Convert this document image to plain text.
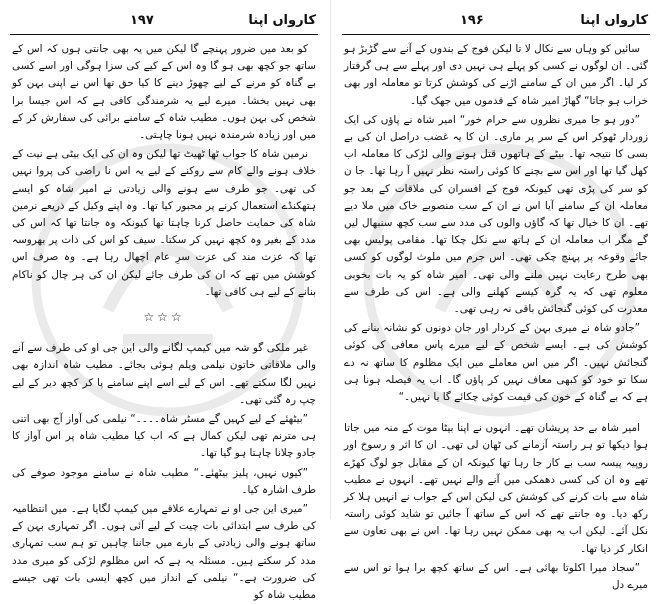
۱۹۷	کارواں اپنا

کو بعد میں ضرور پہنچے گا لیکن میں یہ بھی جانتی ہوں کہ اس کے ساتھ جو کچھ بھی ہو گا وہ اس کے کیے کی سزا ہوگی اور اسے کسی بے گناہ کو مرنے کے لیے چھوڑ دینے کا کیا حق تھا اس نے اپنی بہن کو بھی نہیں بخشا۔ میرے لیے یہ شرمندگی کافی ہے کہ اس جیسا برا شخص کی بہن ہوں۔ مطیب شاہ کے سامنے برائی کی سفارش کر کے میں اور زیادہ شرمندہ نہیں ہونا چاہتی۔

نرمین شاہ کا جواب ٹھا ٹھیٹ تھا لیکن وہ ان کی ایک بیٹی ہے نیت کے خلاف ہونے والے کام سے روکنے کے لیے یہ اس نا راضی کی پروا نہیں کی تھی۔ جو طرف سے ہونے والی زیادتی نے امیر شاہ کو ایسے ہتھکنڈے استعمال کرنے پر مجبور کیا تھا۔ وہ اپنے وکیل کے ذریعے نرمین شاہ کی حمایت حاصل کرنا چاہتا تھا کیونکہ وہ جانتا تھا کہ اس کی مدد کے بغیر وہ کچھ نہیں کر سکتا۔ سیف کو اس کی ذات پر بھروسہ تھا کہ عزت مند کی عزت سرِ عام اچھال رہا ہے۔ وہ صرف اس کوشش میں تھے کہ ان کی طرف جائے لیکن ان کی ہر چال کو ناکام بنانے کے لیے ہی کافی تھا۔

☆☆☆

غیر ملکی گو شہ میں کیمپ لگانے والی این جی او کی طرف سے آنے والی ملاقاتی خاتون نیلمی ویلم ہوئی بجائے۔ مطیب شاہ اندازہ بھی نہیں لگا سکتے تھے۔ اس کے لیے اسے اپنے سامنے پا کر کچھ دیر کے لیے چپ رہ گئی تھی۔

”بیٹھئے کے لیے کہیں گے مسٹر شاہ۔۔۔۔“ نیلمی کی آواز آج بھی اتنی ہی مترنم تھی لیکن کمال ہے کہ اب کیا مطیب شاہ پر اس آواز کا جادو چلانا چاہتا ہو گیا تھا۔

”کیوں نہیں، پلیز بیٹھئے۔“ مطیب شاہ نے سامنے موجود صوفے کی طرف اشارہ کیا۔

”میری این جی او نے تمہارے علاقے میں کیمپ لگایا ہے۔ میں انتظامیہ کی طرف سے ابتدائی بات چیت کے لیے آئی ہوں۔ اگر تمہاری بہن کے ساتھ ہونے والی زیادتی کے بارے میں جاننا چاہیں تو ہم سب تمہاری مدد کر سکتے ہیں۔ مسئلہ یہ ہے کہ اس مظلوم لڑکی کو میری مدد کی ضرورت ہے۔“ نیلمی کے انداز میں کچھ ایسی بات تھی جیسے مطیب شاہ کو

۱۹۶	کارواں اپنا

سائیں کو وہاں سے نکال لا تا لیکن فوج کے بندوں کے آنے سے گڑبڑ ہو گئی۔ ان لوگوں نے کسی کو پہلے ہی نہیں دی اور پہلے سے ہی گرفتار کر لیا۔ اگر میں ان کے سامنے اڑنے کی کوشش کرتا تو معاملہ اور بھی خراب ہو جاتا“ گھاڑ امیر شاہ کے قدموں میں جھک گیا۔

”دور ہو جا میری نظروں سے حرام خور“ امیر شاہ نے پاؤں کی ایک زوردار ٹھوکر اس کے سر پر ماری۔ ان کا یہ غضب دراصل ان کی بے بسی کا نتیجہ تھا۔ بیٹے کے ہاتھوں قتل ہونے والی لڑکی کا معاملہ اب کھل گیا تھا اور اس سے بچنے کا کوئی راستہ نظر نہیں آ رہا تھا۔ جا ن کو سر کی پڑی تھی کیونکہ فوج کے افسران کی ملاقات کے بعد جو معاملہ ان کے سامنے آیا اس نے ان کے سب منصوبے خاک میں ملا دیے تھے۔ ان کا خیال تھا کہ گاؤں والوں کی مدد سے سب کچھ سنبھال لیں گے مگر اب معاملہ ان کے ہاتھ سے نکل چکا تھا۔ مقامی پولیس بھی جائے وقوعہ پر پہنچ چکی تھی۔ اس جرم میں ملوث لوگوں کو کسی بھی طرح رعایت نہیں ملنے والی تھی۔ امیر شاہ کو یہ بات بخوبی معلوم تھی کہ یہ گرہ کیسے کھلنے والی ہے۔ اس کی طرف سے معذرت کی کوئی گنجائش باقی نہ رہی تھی۔

”جادو شاہ نے میری بہن کے کردار اور جان دونوں کو نشانہ بنانے کی کوشش کی ہے۔ ایسے شخص کے لیے میرے پاس معافی کی کوئی گنجائش نہیں۔ اگر میں اس معاملے میں ایک مظلوم کا ساتھ نہ دے سکا تو خود کو کبھی معاف نہیں کر پاؤں گا۔ اب یہ فیصلہ ہونا ہی ہے کہ بے گناہ کے خون کی قیمت کوئی چکائے گا یا نہیں۔“

امیر شاہ بے حد پریشان تھے۔ انہوں نے اپنا بیٹا موت کے منہ میں جاتا ہوا دیکھا تو ہر راستہ آزمانے کی ٹھان لی تھی۔ ان کا اثر و رسوخ اور روپیہ پیسہ سب بے کار جا رہا تھا کیونکہ ان کے مقابل جو لوگ کھڑے تھے وہ ان کی کسی دھمکی میں آنے والے نہیں تھے۔ انہوں نے مطیب شاہ سے بات کرنے کی کوشش کی لیکن اس کے جواب نے انہیں ہلا کر رکھ دیا۔ وہ جانتے تھے کہ اس کے ساتھ آ جائیں تو شاید کوئی راستہ نکل آئے۔ لیکن اب یہ بھی ممکن نہیں رہا تھا۔ اس نے بھی تعاون سے انکار کر دیا تھا۔

”سجاد میرا اکلوتا بھائی ہے۔ اس کے ساتھ کچھ برا ہوا تو اس سے میرے دل
